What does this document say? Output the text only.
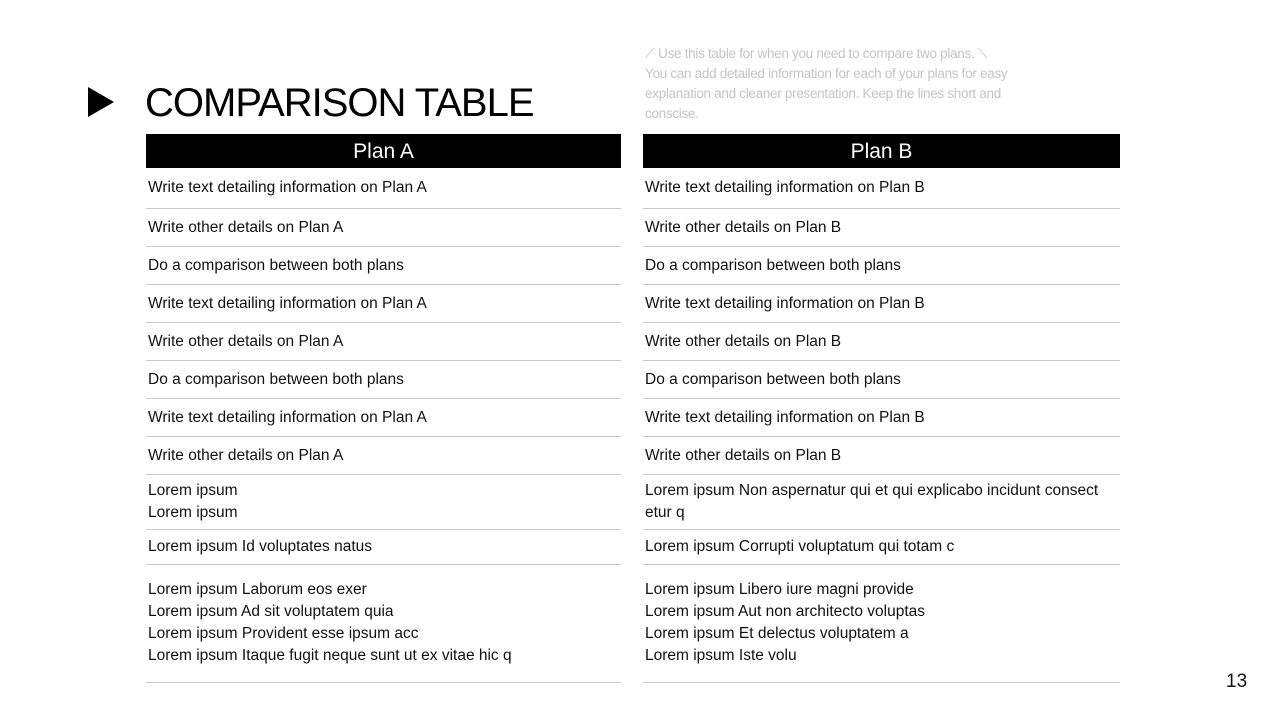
COMPARISON TABLE
⟋ Use this table for when you need to compare two plans. ⟍
You can add detailed information for each of your plans for easy explanation and cleaner presentation. Keep the lines short and conscise.
Plan A
Write text detailing information on Plan A
Write other details on Plan A
Do a comparison between both plans
Write text detailing information on Plan A
Write other details on Plan A
Do a comparison between both plans
Write text detailing information on Plan A
Write other details on Plan A
Lorem ipsum
Lorem ipsum
Lorem ipsum Id voluptates natus
Lorem ipsum Laborum eos exer
Lorem ipsum Ad sit voluptatem quia
Lorem ipsum Provident esse ipsum acc
Lorem ipsum Itaque fugit neque sunt ut ex vitae hic q
Plan B
Write text detailing information on Plan B
Write other details on Plan B
Do a comparison between both plans
Write text detailing information on Plan B
Write other details on Plan B
Do a comparison between both plans
Write text detailing information on Plan B
Write other details on Plan B
Lorem ipsum Non aspernatur qui et qui explicabo incidunt consect
etur q
Lorem ipsum Corrupti voluptatum qui totam c
Lorem ipsum Libero iure magni provide
Lorem ipsum Aut non architecto voluptas
Lorem ipsum Et delectus voluptatem a
Lorem ipsum Iste volu
13
